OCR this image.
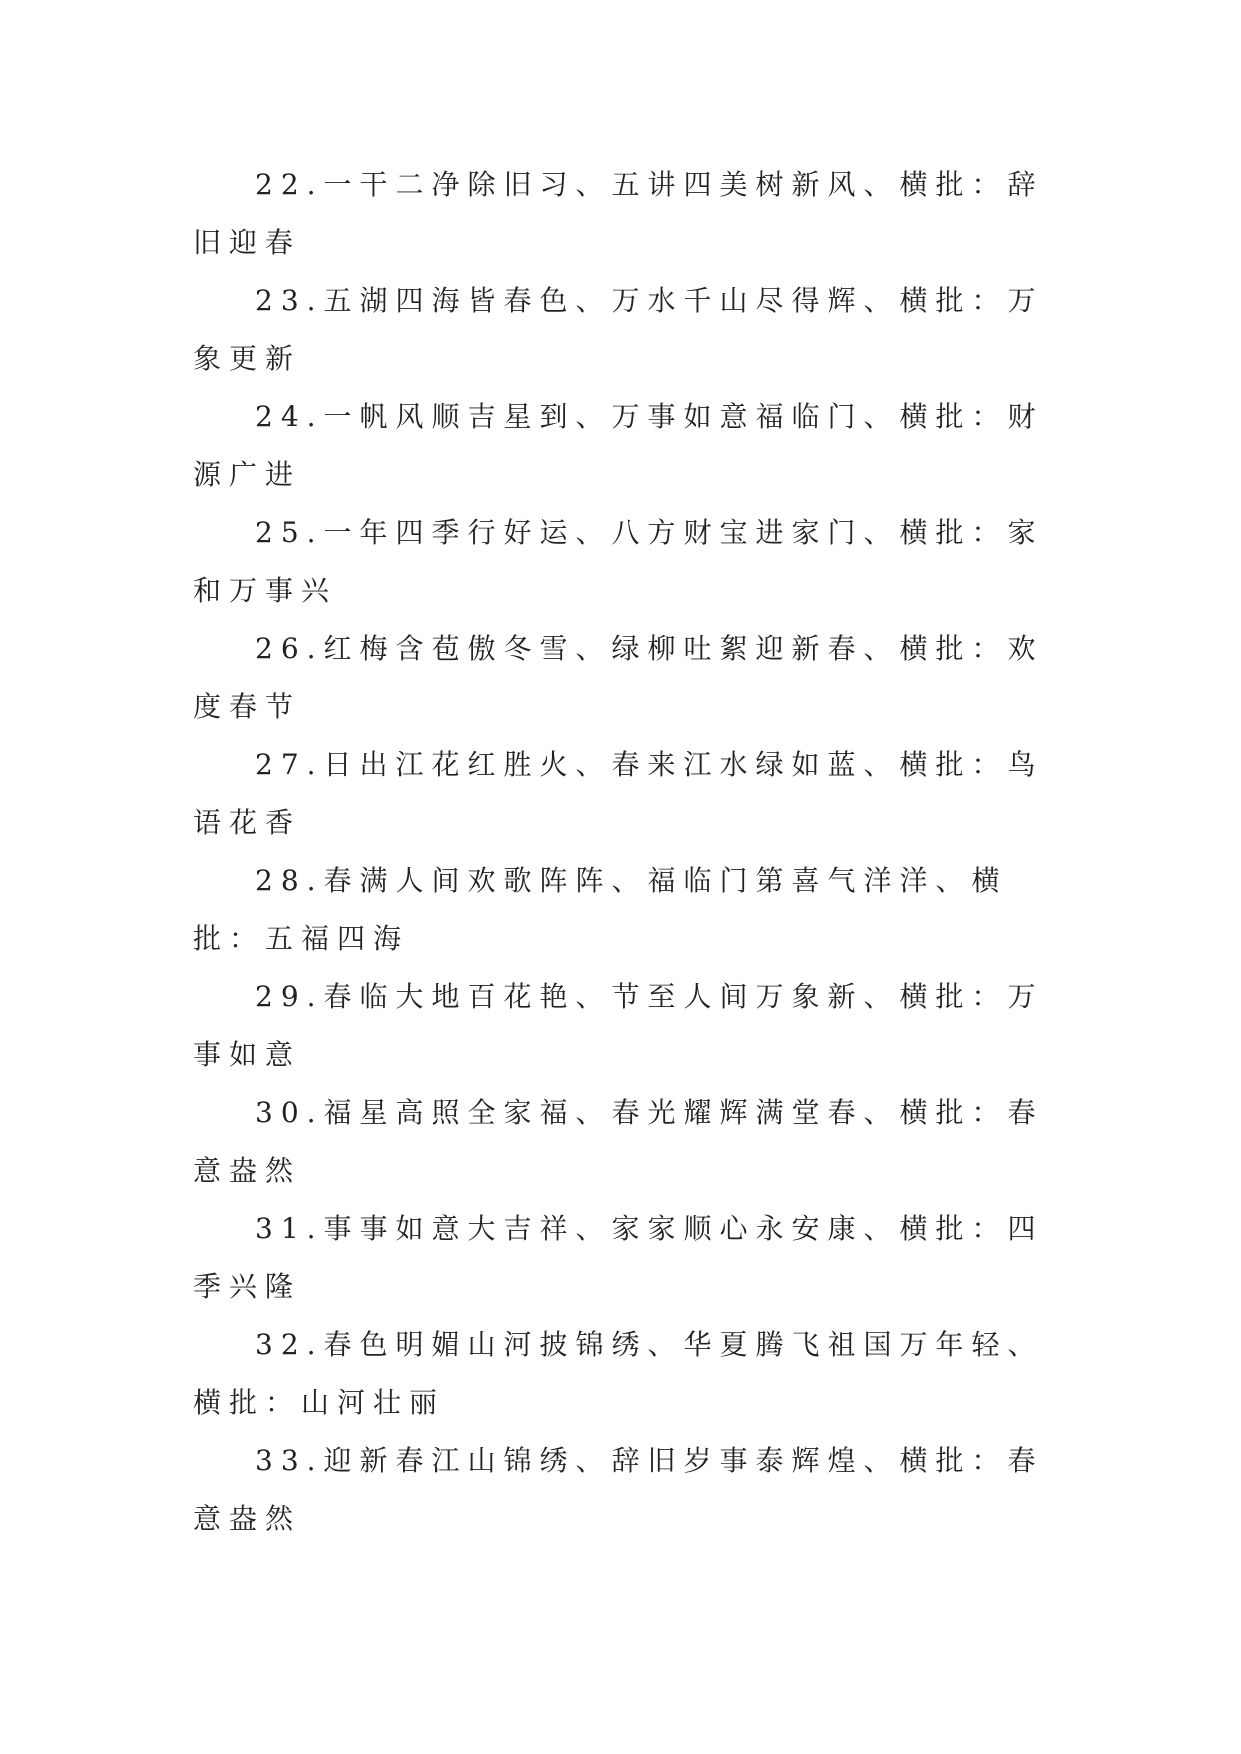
22.一干二净除旧习、五讲四美树新风、横批：辞旧迎春

23.五湖四海皆春色、万水千山尽得辉、横批：万象更新

24.一帆风顺吉星到、万事如意福临门、横批：财源广进

25.一年四季行好运、八方财宝进家门、横批：家和万事兴

26.红梅含苞傲冬雪、绿柳吐絮迎新春、横批：欢度春节

27.日出江花红胜火、春来江水绿如蓝、横批：鸟语花香

28.春满人间欢歌阵阵、福临门第喜气洋洋、横批：五福四海

29.春临大地百花艳、节至人间万象新、横批：万事如意

30.福星高照全家福、春光耀辉满堂春、横批：春意盎然

31.事事如意大吉祥、家家顺心永安康、横批：四季兴隆

32.春色明媚山河披锦绣、华夏腾飞祖国万年轻、横批：山河壮丽

33.迎新春江山锦绣、辞旧岁事泰辉煌、横批：春意盎然
